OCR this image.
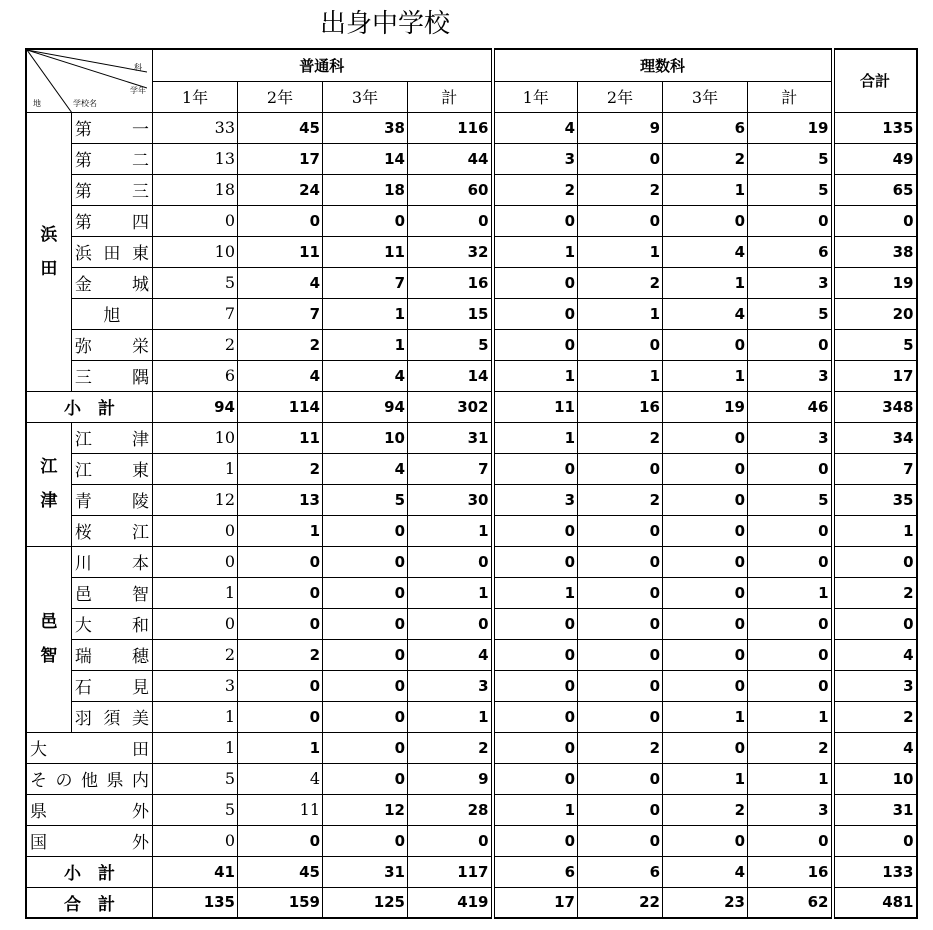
出身中学校
科
学年
学校名
地		普通科				理数科				合計
		1年	2年	3年	計	1年	2年	3年	計	
浜
田	第　一	33	45	38	116	4	9	6	19	135
	第　二	13	17	14	44	3	0	2	5	49
	第　三	18	24	18	60	2	2	1	5	65
	第　四	0	0	0	0	0	0	0	0	0
	浜田東	10	11	11	32	1	1	4	6	38
	金　城	5	4	7	16	0	2	1	3	19
	旭	7	7	1	15	0	1	4	5	20
	弥　栄	2	2	1	5	0	0	0	0	5
	三　隅	6	4	4	14	1	1	1	3	17
小　計		94	114	94	302	11	16	19	46	348
江
津	江　津	10	11	10	31	1	2	0	3	34
	江　東	1	2	4	7	0	0	0	0	7
	青　陵	12	13	5	30	3	2	0	5	35
	桜　江	0	1	0	1	0	0	0	0	1
邑
智	川　本	0	0	0	0	0	0	0	0	0
	邑　智	1	0	0	1	1	0	0	1	2
	大　和	0	0	0	0	0	0	0	0	0
	瑞　穂	2	2	0	4	0	0	0	0	4
	石　見	3	0	0	3	0	0	0	0	3
	羽須美	1	0	0	1	0	0	1	1	2
大　　　　　田		1	1	0	2	0	2	0	2	4
その他県内		5	4	0	9	0	0	1	1	10
県　　　　　外		5	11	12	28	1	0	2	3	31
国　　　　　外		0	0	0	0	0	0	0	0	0
小　計		41	45	31	117	6	6	4	16	133
合　計		135	159	125	419	17	22	23	62	481
